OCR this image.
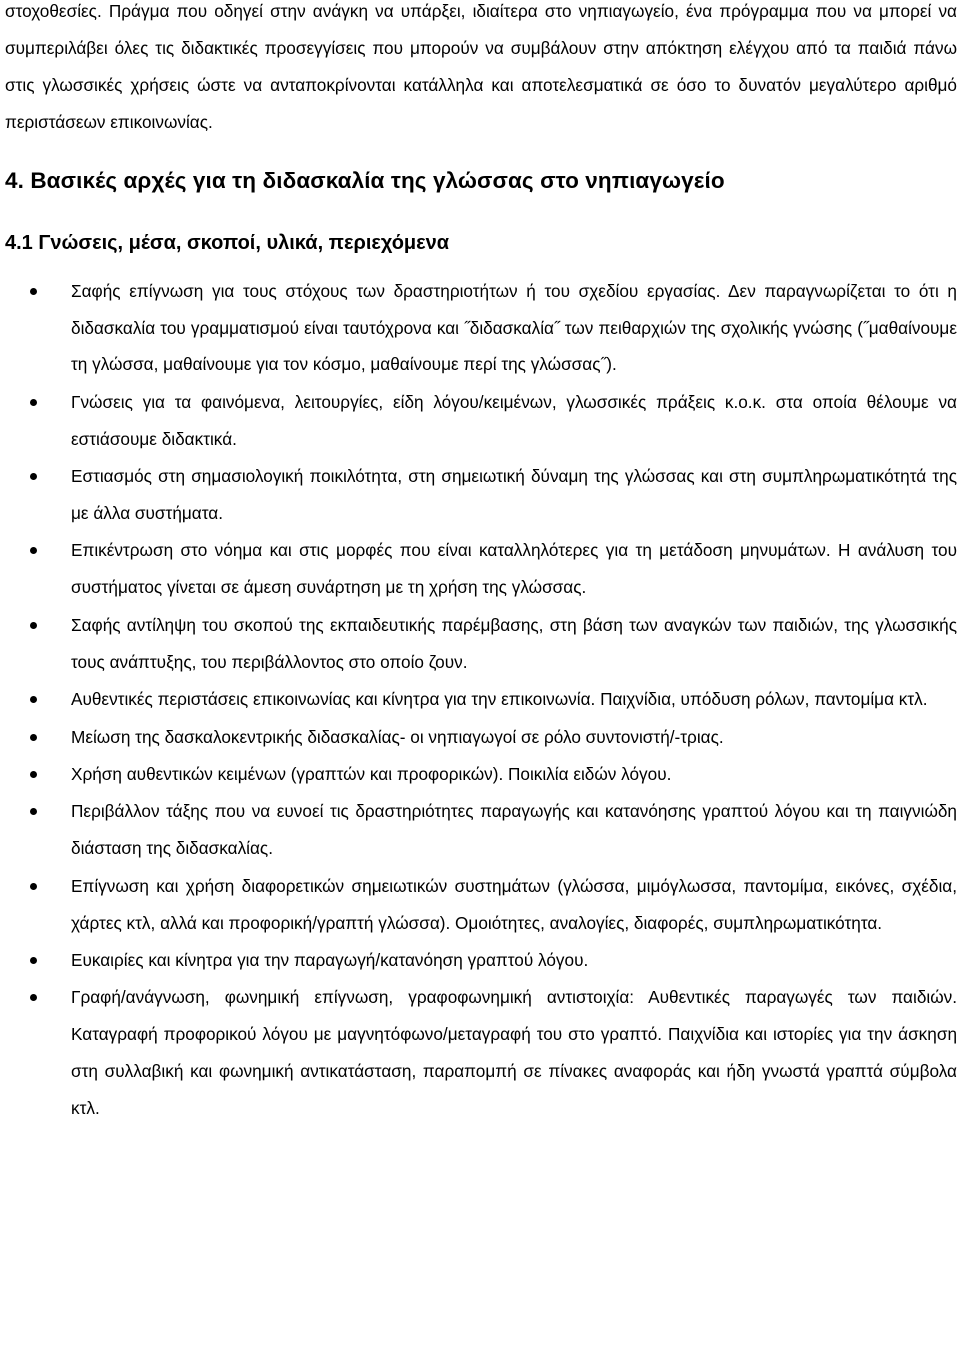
στοχοθεσίες. Πράγμα που οδηγεί στην ανάγκη να υπάρξει, ιδιαίτερα στο νηπιαγωγείο, ένα πρόγραμμα που να μπορεί να συμπεριλάβει όλες τις διδακτικές προσεγγίσεις που μπορούν να συμβάλουν στην απόκτηση ελέγχου από τα παιδιά πάνω στις γλωσσικές χρήσεις ώστε να ανταποκρίνονται κατάλληλα και αποτελεσματικά σε όσο το δυνατόν μεγαλύτερο αριθμό περιστάσεων επικοινωνίας.

4. Βασικές αρχές για τη διδασκαλία της γλώσσας στο νηπιαγωγείο
4.1 Γνώσεις, μέσα, σκοποί, υλικά, περιεχόμενα
Σαφής επίγνωση για τους στόχους των δραστηριοτήτων ή του σχεδίου εργασίας. Δεν παραγνωρίζεται το ότι η διδασκαλία του γραμματισμού είναι ταυτόχρονα και ˝διδασκαλία˝ των πειθαρχιών της σχολικής γνώσης (˝μαθαίνουμε τη γλώσσα, μαθαίνουμε για τον κόσμο, μαθαίνουμε περί της γλώσσας˝).
Γνώσεις για τα φαινόμενα, λειτουργίες, είδη λόγου/κειμένων, γλωσσικές πράξεις κ.ο.κ. στα οποία θέλουμε να εστιάσουμε διδακτικά.
Εστιασμός στη σημασιολογική ποικιλότητα, στη σημειωτική δύναμη της γλώσσας και στη συμπληρωματικότητά της με άλλα συστήματα.
Επικέντρωση στο νόημα και στις μορφές που είναι καταλληλότερες για τη μετάδοση μηνυμάτων. Η ανάλυση του συστήματος γίνεται σε άμεση συνάρτηση με τη χρήση της γλώσσας.
Σαφής αντίληψη του σκοπού της εκπαιδευτικής παρέμβασης, στη βάση των αναγκών των παιδιών, της γλωσσικής τους ανάπτυξης, του περιβάλλοντος στο οποίο ζουν.
Αυθεντικές περιστάσεις επικοινωνίας και κίνητρα για την επικοινωνία. Παιχνίδια, υπόδυση ρόλων, παντομίμα κτλ.
Μείωση της δασκαλοκεντρικής διδασκαλίας- οι νηπιαγωγοί σε ρόλο συντονιστή/-τριας.
Χρήση αυθεντικών κειμένων (γραπτών και προφορικών). Ποικιλία ειδών λόγου.
Περιβάλλον τάξης που να ευνοεί τις δραστηριότητες παραγωγής και κατανόησης γραπτού λόγου και τη παιγνιώδη διάσταση της διδασκαλίας.
Επίγνωση και χρήση διαφορετικών σημειωτικών συστημάτων (γλώσσα, μιμόγλωσσα, παντομίμα, εικόνες, σχέδια, χάρτες κτλ, αλλά και προφορική/γραπτή γλώσσα). Ομοιότητες, αναλογίες, διαφορές, συμπληρωματικότητα.
Ευκαιρίες και κίνητρα για την παραγωγή/κατανόηση γραπτού λόγου.
Γραφή/ανάγνωση, φωνημική επίγνωση, γραφοφωνημική αντιστοιχία: Αυθεντικές παραγωγές των παιδιών. Καταγραφή προφορικού λόγου με μαγνητόφωνο/μεταγραφή του στο γραπτό. Παιχνίδια και ιστορίες για την άσκηση στη συλλαβική και φωνημική αντικατάσταση, παραπομπή σε πίνακες αναφοράς και ήδη γνωστά γραπτά σύμβολα κτλ.
